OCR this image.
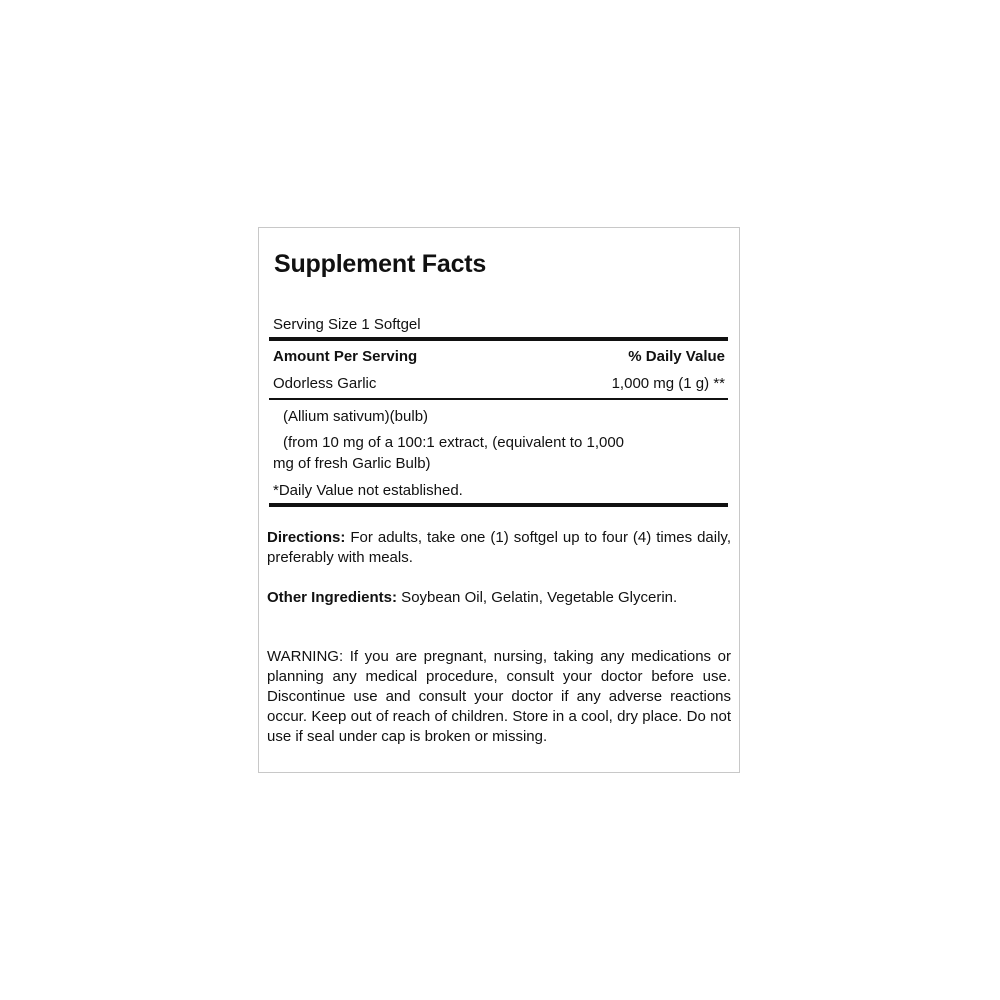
Supplement Facts
Serving Size 1 Softgel
Amount Per Serving	% Daily Value
Odorless Garlic	1,000 mg (1 g) **
(Allium sativum)(bulb)
(from 10 mg of a 100:1 extract, (equivalent to 1,000
mg of fresh Garlic Bulb)
*Daily Value not established.
Directions: For adults, take one (1) softgel up to four (4) times daily, preferably with meals.
Other Ingredients: Soybean Oil, Gelatin, Vegetable Glycerin.
WARNING: If you are pregnant, nursing, taking any medications or planning any medical procedure, consult your doctor before use. Discontinue use and consult your doctor if any adverse reactions occur. Keep out of reach of children. Store in a cool, dry place. Do not use if seal under cap is broken or missing.
